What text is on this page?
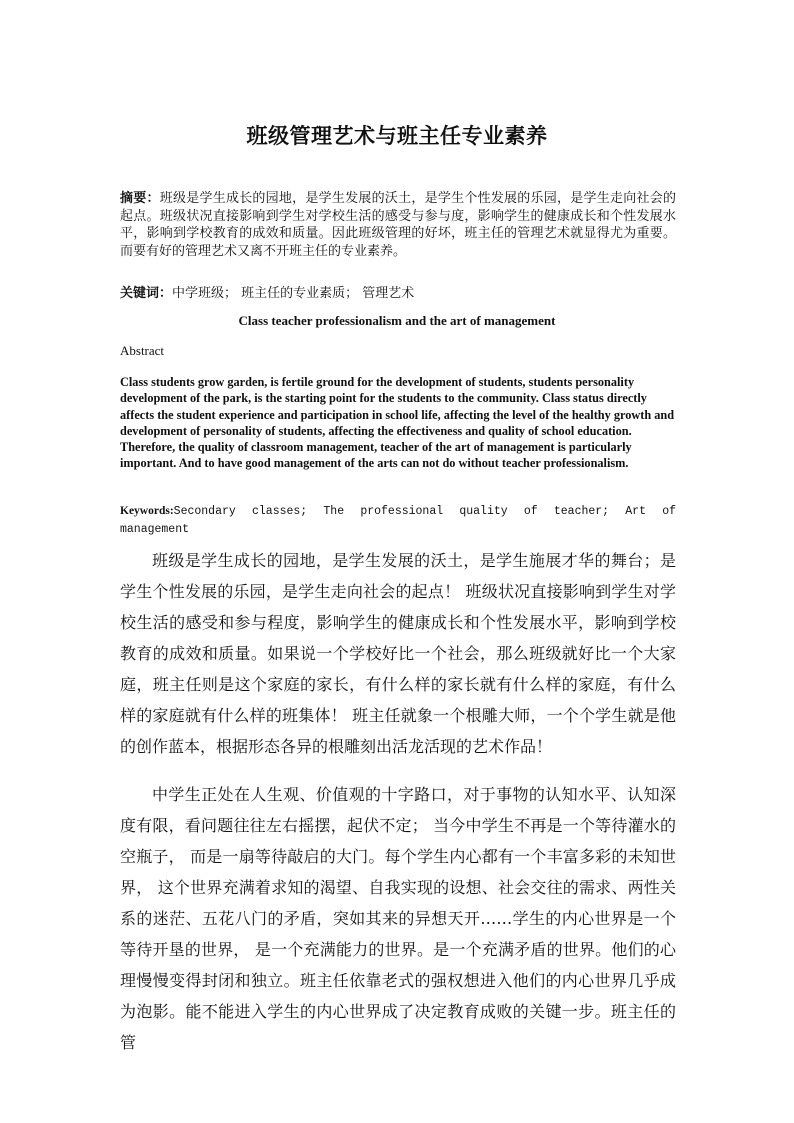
班级管理艺术与班主任专业素养
摘要：班级是学生成长的园地，是学生发展的沃土，是学生个性发展的乐园，是学生走向社会的起点。班级状况直接影响到学生对学校生活的感受与参与度，影响学生的健康成长和个性发展水平，影响到学校教育的成效和质量。因此班级管理的好坏，班主任的管理艺术就显得尤为重要。而要有好的管理艺术又离不开班主任的专业素养。
关键词：中学班级； 班主任的专业素质； 管理艺术
Class teacher professionalism and the art of management
Abstract
Class students grow garden, is fertile ground for the development of students, students personality development of the park, is the starting point for the students to the community. Class status directly affects the student experience and participation in school life, affecting the level of the healthy growth and development of personality of students, affecting the effectiveness and quality of school education. Therefore, the quality of classroom management, teacher of the art of management is particularly important. And to have good management of the arts can not do without teacher professionalism.
Keywords:Secondary classes; The professional quality of teacher; Art of management
班级是学生成长的园地，是学生发展的沃土，是学生施展才华的舞台；是学生个性发展的乐园，是学生走向社会的起点！ 班级状况直接影响到学生对学校生活的感受和参与程度，影响学生的健康成长和个性发展水平，影响到学校教育的成效和质量。如果说一个学校好比一个社会，那么班级就好比一个大家庭，班主任则是这个家庭的家长，有什么样的家长就有什么样的家庭，有什么样的家庭就有什么样的班集体！ 班主任就象一个根雕大师，一个个学生就是他的创作蓝本，根据形态各异的根雕刻出活龙活现的艺术作品！
中学生正处在人生观、价值观的十字路口，对于事物的认知水平、认知深度有限，看问题往往左右摇摆，起伏不定； 当今中学生不再是一个等待灌水的空瓶子， 而是一扇等待敲启的大门。每个学生内心都有一个丰富多彩的未知世界， 这个世界充满着求知的渴望、自我实现的设想、社会交往的需求、两性关系的迷茫、五花八门的矛盾，突如其来的异想天开……学生的内心世界是一个等待开垦的世界， 是一个充满能力的世界。是一个充满矛盾的世界。他们的心理慢慢变得封闭和独立。班主任依靠老式的强权想进入他们的内心世界几乎成为泡影。能不能进入学生的内心世界成了决定教育成败的关键一步。班主任的管
